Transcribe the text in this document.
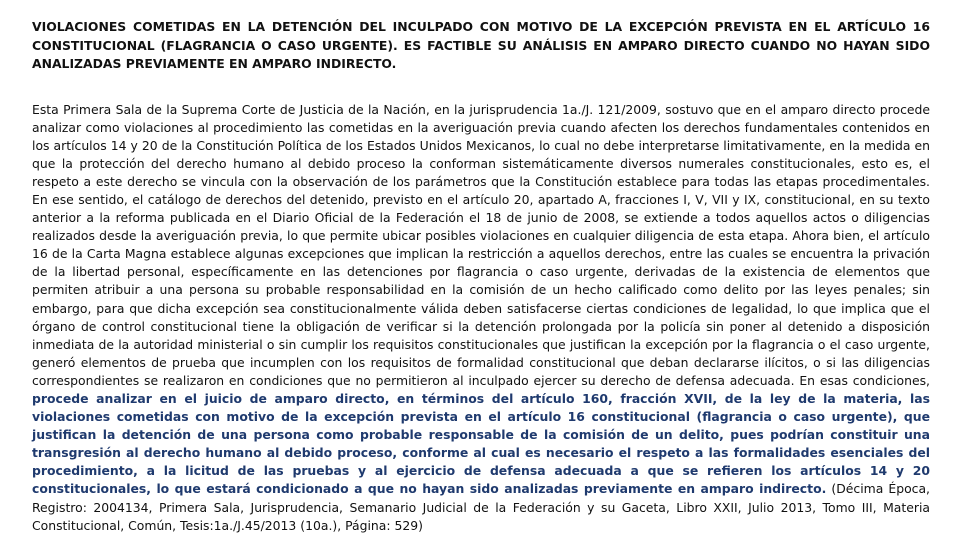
VIOLACIONES COMETIDAS EN LA DETENCIÓN DEL INCULPADO CON MOTIVO DE LA EXCEPCIÓN PREVISTA EN EL ARTÍCULO 16 CONSTITUCIONAL (FLAGRANCIA O CASO URGENTE). ES FACTIBLE SU ANÁLISIS EN AMPARO DIRECTO CUANDO NO HAYAN SIDO ANALIZADAS PREVIAMENTE EN AMPARO INDIRECTO.

Esta Primera Sala de la Suprema Corte de Justicia de la Nación, en la jurisprudencia 1a./J. 121/2009, sostuvo que en el amparo directo procede analizar como violaciones al procedimiento las cometidas en la averiguación previa cuando afecten los derechos fundamentales contenidos en los artículos 14 y 20 de la Constitución Política de los Estados Unidos Mexicanos, lo cual no debe interpretarse limitativamente, en la medida en que la protección del derecho humano al debido proceso la conforman sistemáticamente diversos numerales constitucionales, esto es, el respeto a este derecho se vincula con la observación de los parámetros que la Constitución establece para todas las etapas procedimentales. En ese sentido, el catálogo de derechos del detenido, previsto en el artículo 20, apartado A, fracciones I, V, VII y IX, constitucional, en su texto anterior a la reforma publicada en el Diario Oficial de la Federación el 18 de junio de 2008, se extiende a todos aquellos actos o diligencias realizados desde la averiguación previa, lo que permite ubicar posibles violaciones en cualquier diligencia de esta etapa. Ahora bien, el artículo 16 de la Carta Magna establece algunas excepciones que implican la restricción a aquellos derechos, entre las cuales se encuentra la privación de la libertad personal, específicamente en las detenciones por flagrancia o caso urgente, derivadas de la existencia de elementos que permiten atribuir a una persona su probable responsabilidad en la comisión de un hecho calificado como delito por las leyes penales; sin embargo, para que dicha excepción sea constitucionalmente válida deben satisfacerse ciertas condiciones de legalidad, lo que implica que el órgano de control constitucional tiene la obligación de verificar si la detención prolongada por la policía sin poner al detenido a disposición inmediata de la autoridad ministerial o sin cumplir los requisitos constitucionales que justifican la excepción por la flagrancia o el caso urgente, generó elementos de prueba que incumplen con los requisitos de formalidad constitucional que deban declararse ilícitos, o si las diligencias correspondientes se realizaron en condiciones que no permitieron al inculpado ejercer su derecho de defensa adecuada. En esas condiciones, procede analizar en el juicio de amparo directo, en términos del artículo 160, fracción XVII, de la ley de la materia, las violaciones cometidas con motivo de la excepción prevista en el artículo 16 constitucional (flagrancia o caso urgente), que justifican la detención de una persona como probable responsable de la comisión de un delito, pues podrían constituir una transgresión al derecho humano al debido proceso, conforme al cual es necesario el respeto a las formalidades esenciales del procedimiento, a la licitud de las pruebas y al ejercicio de defensa adecuada a que se refieren los artículos 14 y 20 constitucionales, lo que estará condicionado a que no hayan sido analizadas previamente en amparo indirecto. (Décima Época, Registro: 2004134, Primera Sala, Jurisprudencia, Semanario Judicial de la Federación y su Gaceta, Libro XXII, Julio 2013, Tomo III, Materia Constitucional, Común, Tesis:1a./J.45/2013 (10a.), Página: 529)
